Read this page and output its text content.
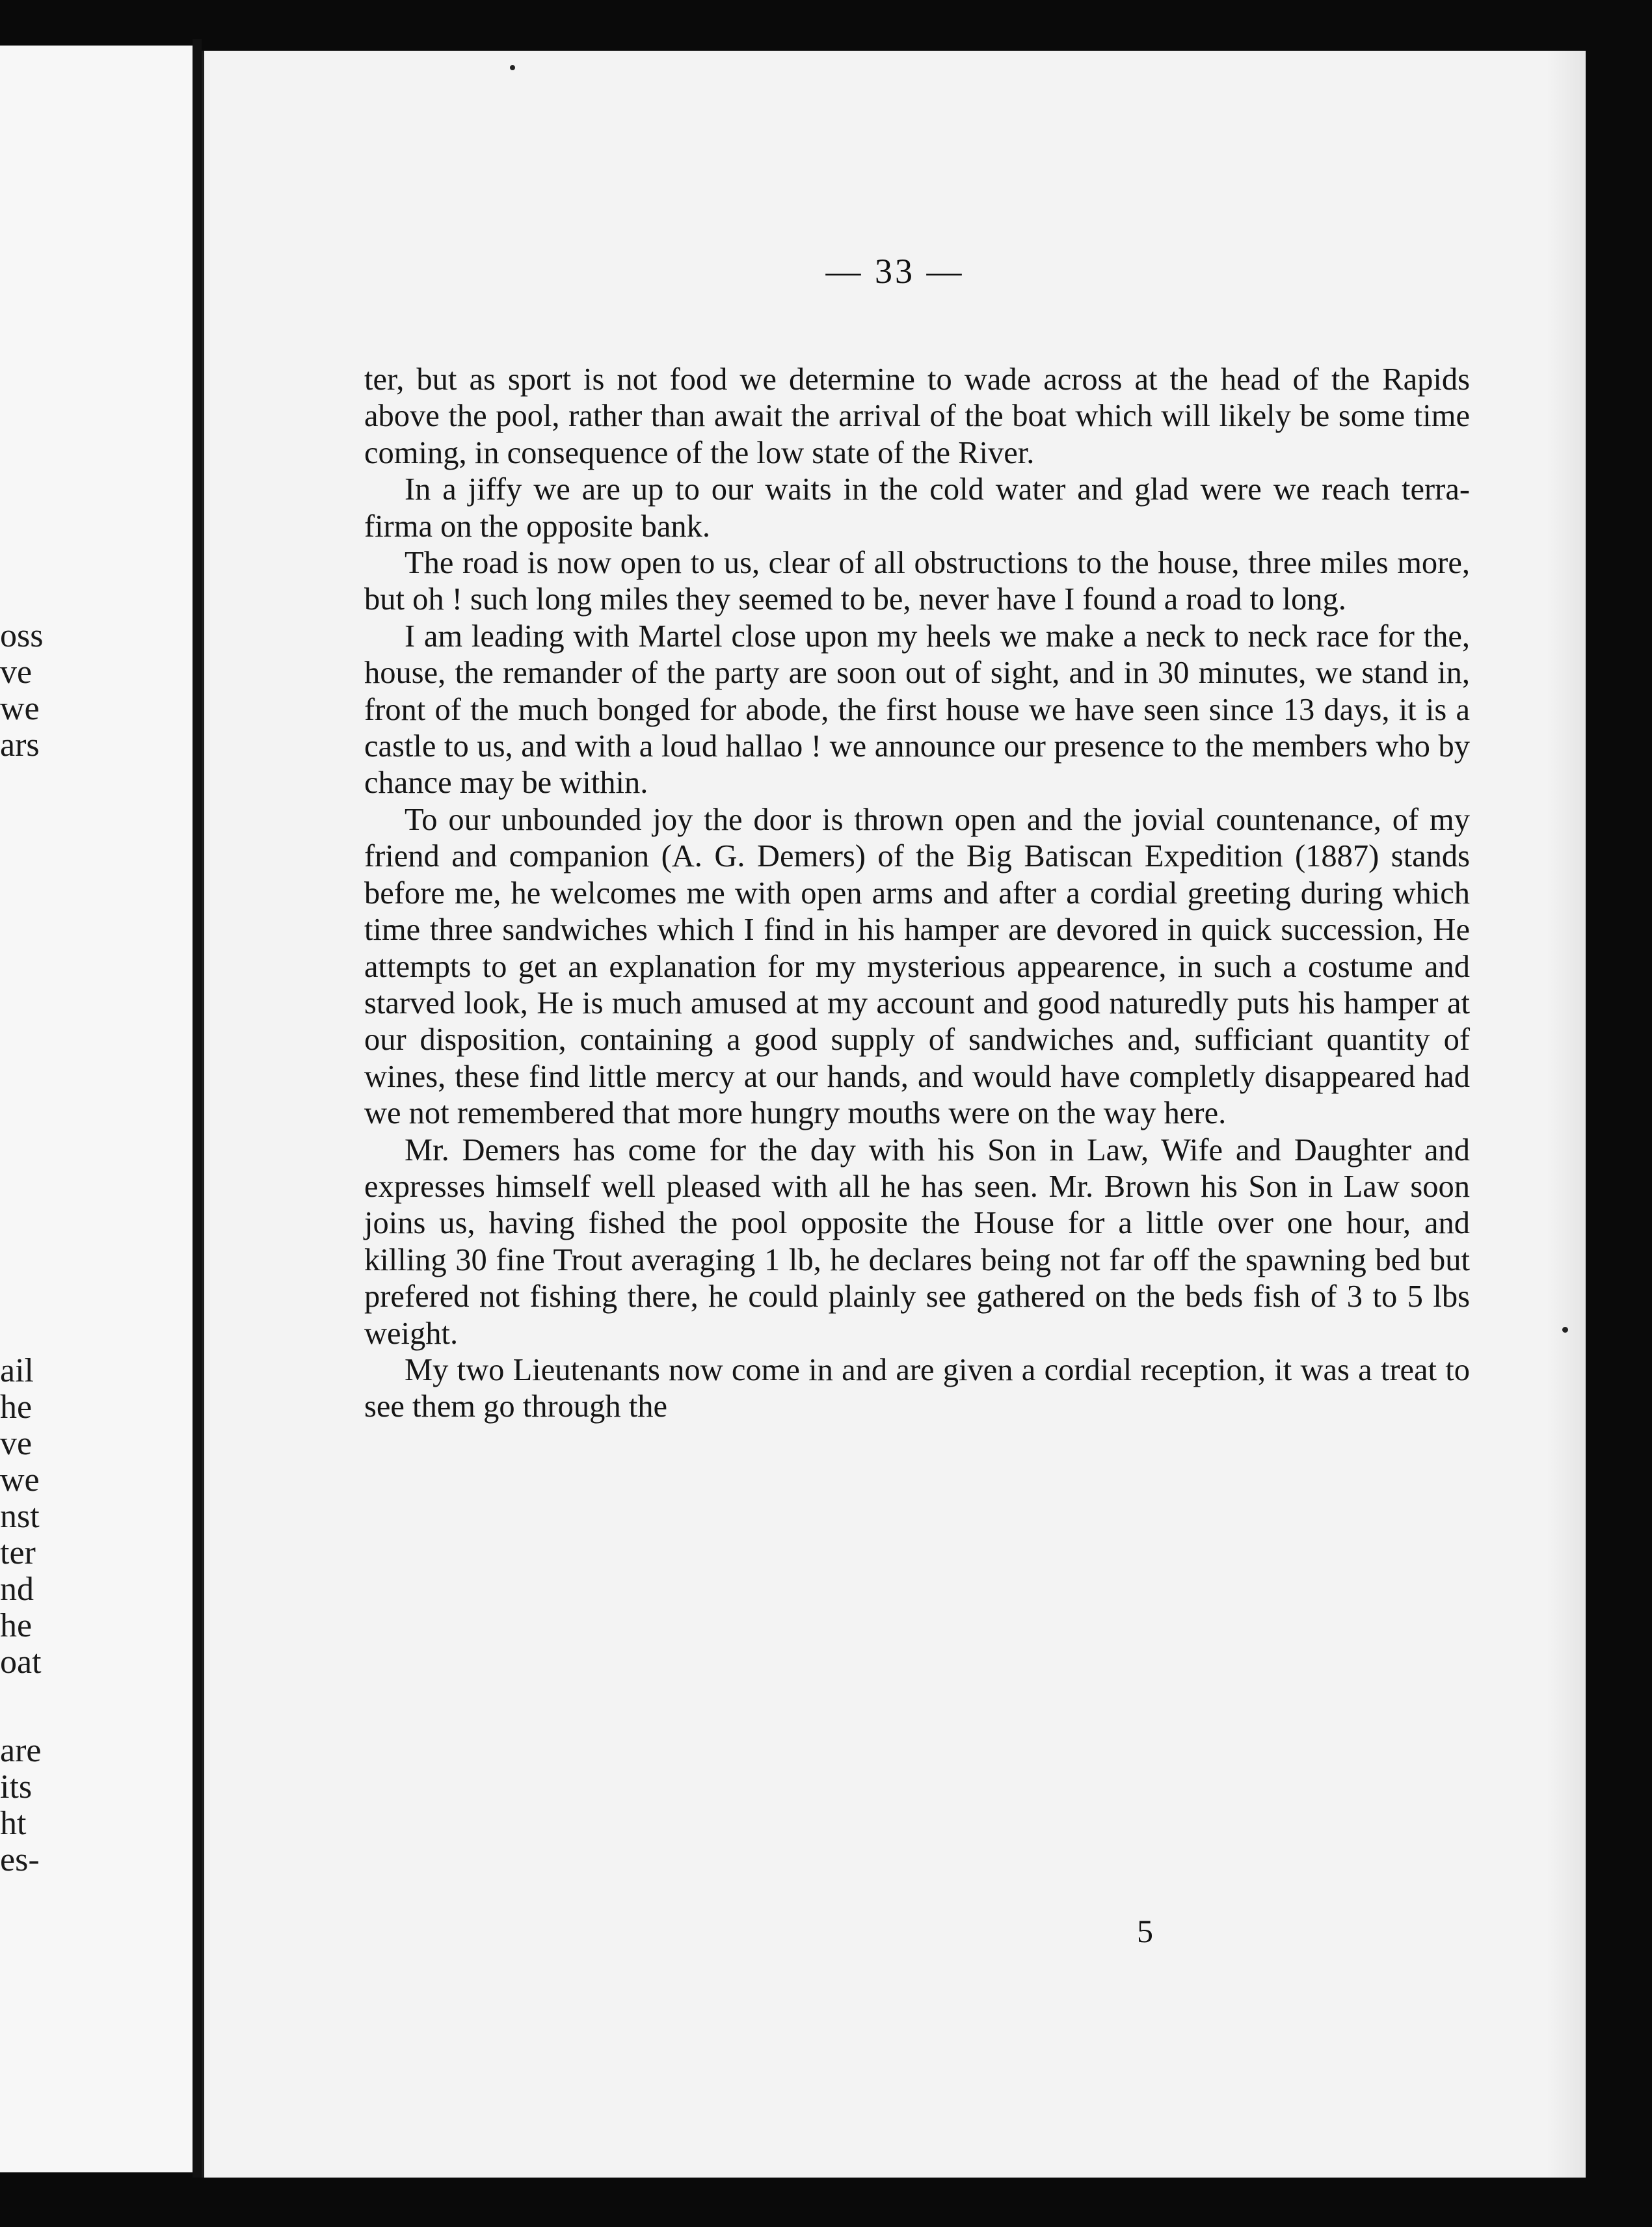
oss
ve
we
ars
ail
he
ve
we
nst
ter
nd
he
oat
are
its
ht
es-
— 33 —

ter, but as sport is not food we determine to wade across at the head of the Rapids above the pool, rather than await the arrival of the boat which will likely be some time coming, in consequence of the low state of the River.

In a jiffy we are up to our waits in the cold water and glad were we reach terra-firma on the opposite bank.

The road is now open to us, clear of all obstructions to the house, three miles more, but oh ! such long miles they seemed to be, never have I found a road to long.

I am leading with Martel close upon my heels we make a neck to neck race for the, house, the remander of the party are soon out of sight, and in 30 minutes, we stand in, front of the much bonged for abode, the first house we have seen since 13 days, it is a castle to us, and with a loud hallao ! we announce our presence to the members who by chance may be within.

To our unbounded joy the door is thrown open and the jovial countenance, of my friend and companion (A. G. Demers) of the Big Batiscan Expedition (1887) stands before me, he welcomes me with open arms and after a cordial greeting during which time three sandwiches which I find in his hamper are devored in quick succession, He attempts to get an explanation for my mysterious appearence, in such a costume and starved look, He is much amused at my account and good naturedly puts his hamper at our disposition, containing a good supply of sandwiches and, sufficiant quantity of wines, these find little mercy at our hands, and would have completly disappeared had we not remembered that more hungry mouths were on the way here.

Mr. Demers has come for the day with his Son in Law, Wife and Daughter and expresses himself well pleased with all he has seen. Mr. Brown his Son in Law soon joins us, having fished the pool opposite the House for a little over one hour, and killing 30 fine Trout averaging 1 lb, he declares being not far off the spawning bed but prefered not fishing there, he could plainly see gathered on the beds fish of 3 to 5 lbs weight.

My two Lieutenants now come in and are given a cordial reception, it was a treat to see them go through the

5
